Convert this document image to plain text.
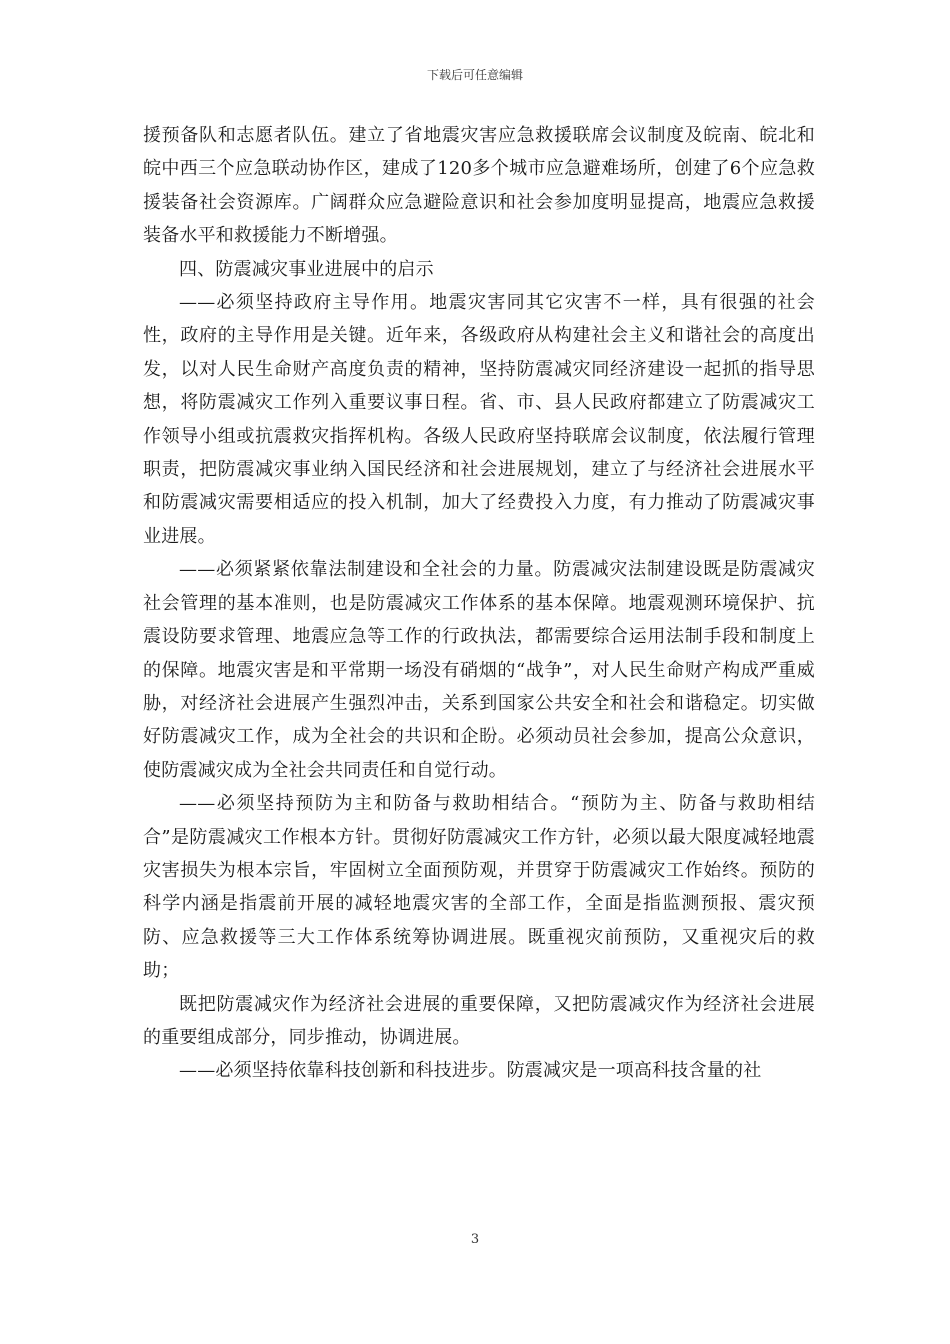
下载后可任意编辑

援预备队和志愿者队伍。建立了省地震灾害应急救援联席会议制度及皖南、皖北和皖中西三个应急联动协作区，建成了120多个城市应急避难场所，创建了6个应急救援装备社会资源库。广阔群众应急避险意识和社会参加度明显提高，地震应急救援装备水平和救援能力不断增强。

四、防震减灾事业进展中的启示

——必须坚持政府主导作用。地震灾害同其它灾害不一样，具有很强的社会性，政府的主导作用是关键。近年来，各级政府从构建社会主义和谐社会的高度出发，以对人民生命财产高度负责的精神，坚持防震减灾同经济建设一起抓的指导思想，将防震减灾工作列入重要议事日程。省、市、县人民政府都建立了防震减灾工作领导小组或抗震救灾指挥机构。各级人民政府坚持联席会议制度，依法履行管理职责，把防震减灾事业纳入国民经济和社会进展规划，建立了与经济社会进展水平和防震减灾需要相适应的投入机制，加大了经费投入力度，有力推动了防震减灾事业进展。

——必须紧紧依靠法制建设和全社会的力量。防震减灾法制建设既是防震减灾社会管理的基本准则，也是防震减灾工作体系的基本保障。地震观测环境保护、抗震设防要求管理、地震应急等工作的行政执法，都需要综合运用法制手段和制度上的保障。地震灾害是和平常期一场没有硝烟的“战争”，对人民生命财产构成严重威胁，对经济社会进展产生强烈冲击，关系到国家公共安全和社会和谐稳定。切实做好防震减灾工作，成为全社会的共识和企盼。必须动员社会参加，提高公众意识，使防震减灾成为全社会共同责任和自觉行动。

——必须坚持预防为主和防备与救助相结合。“预防为主、防备与救助相结合”是防震减灾工作根本方针。贯彻好防震减灾工作方针，必须以最大限度减轻地震灾害损失为根本宗旨，牢固树立全面预防观，并贯穿于防震减灾工作始终。预防的科学内涵是指震前开展的减轻地震灾害的全部工作，全面是指监测预报、震灾预防、应急救援等三大工作体系统筹协调进展。既重视灾前预防，又重视灾后的救助；

既把防震减灾作为经济社会进展的重要保障，又把防震减灾作为经济社会进展的重要组成部分，同步推动，协调进展。

——必须坚持依靠科技创新和科技进步。防震减灾是一项高科技含量的社

3
